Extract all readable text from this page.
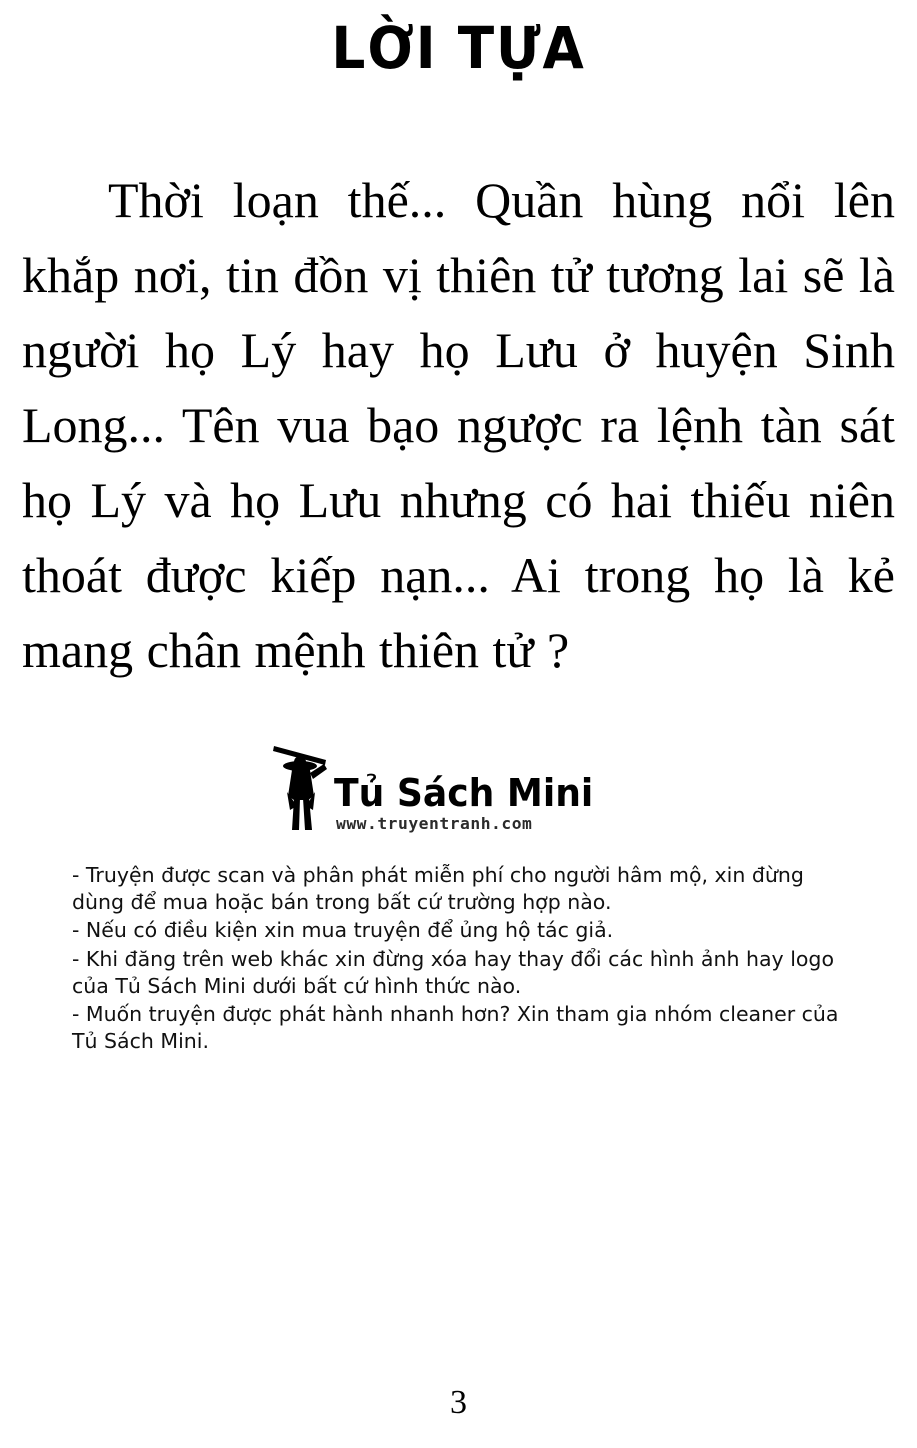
LỜI TỰA

Thời loạn thế... Quần hùng nổi lên khắp nơi, tin đồn vị thiên tử tương lai sẽ là người họ Lý hay họ Lưu ở huyện Sinh Long... Tên vua bạo ngược ra lệnh tàn sát họ Lý và họ Lưu nhưng có hai thiếu niên thoát được kiếp nạn... Ai trong họ là kẻ mang chân mệnh thiên tử ?

Tủ Sách Mini
www.truyentranh.com

- Truyện được scan và phân phát miễn phí cho người hâm mộ, xin đừng dùng để mua hoặc bán trong bất cứ trường hợp nào.

- Nếu có điều kiện xin mua truyện để ủng hộ tác giả.

- Khi đăng trên web khác xin đừng xóa hay thay đổi các hình ảnh hay logo của Tủ Sách Mini dưới bất cứ hình thức nào.

- Muốn truyện được phát hành nhanh hơn? Xin tham gia nhóm cleaner của Tủ Sách Mini.

3
